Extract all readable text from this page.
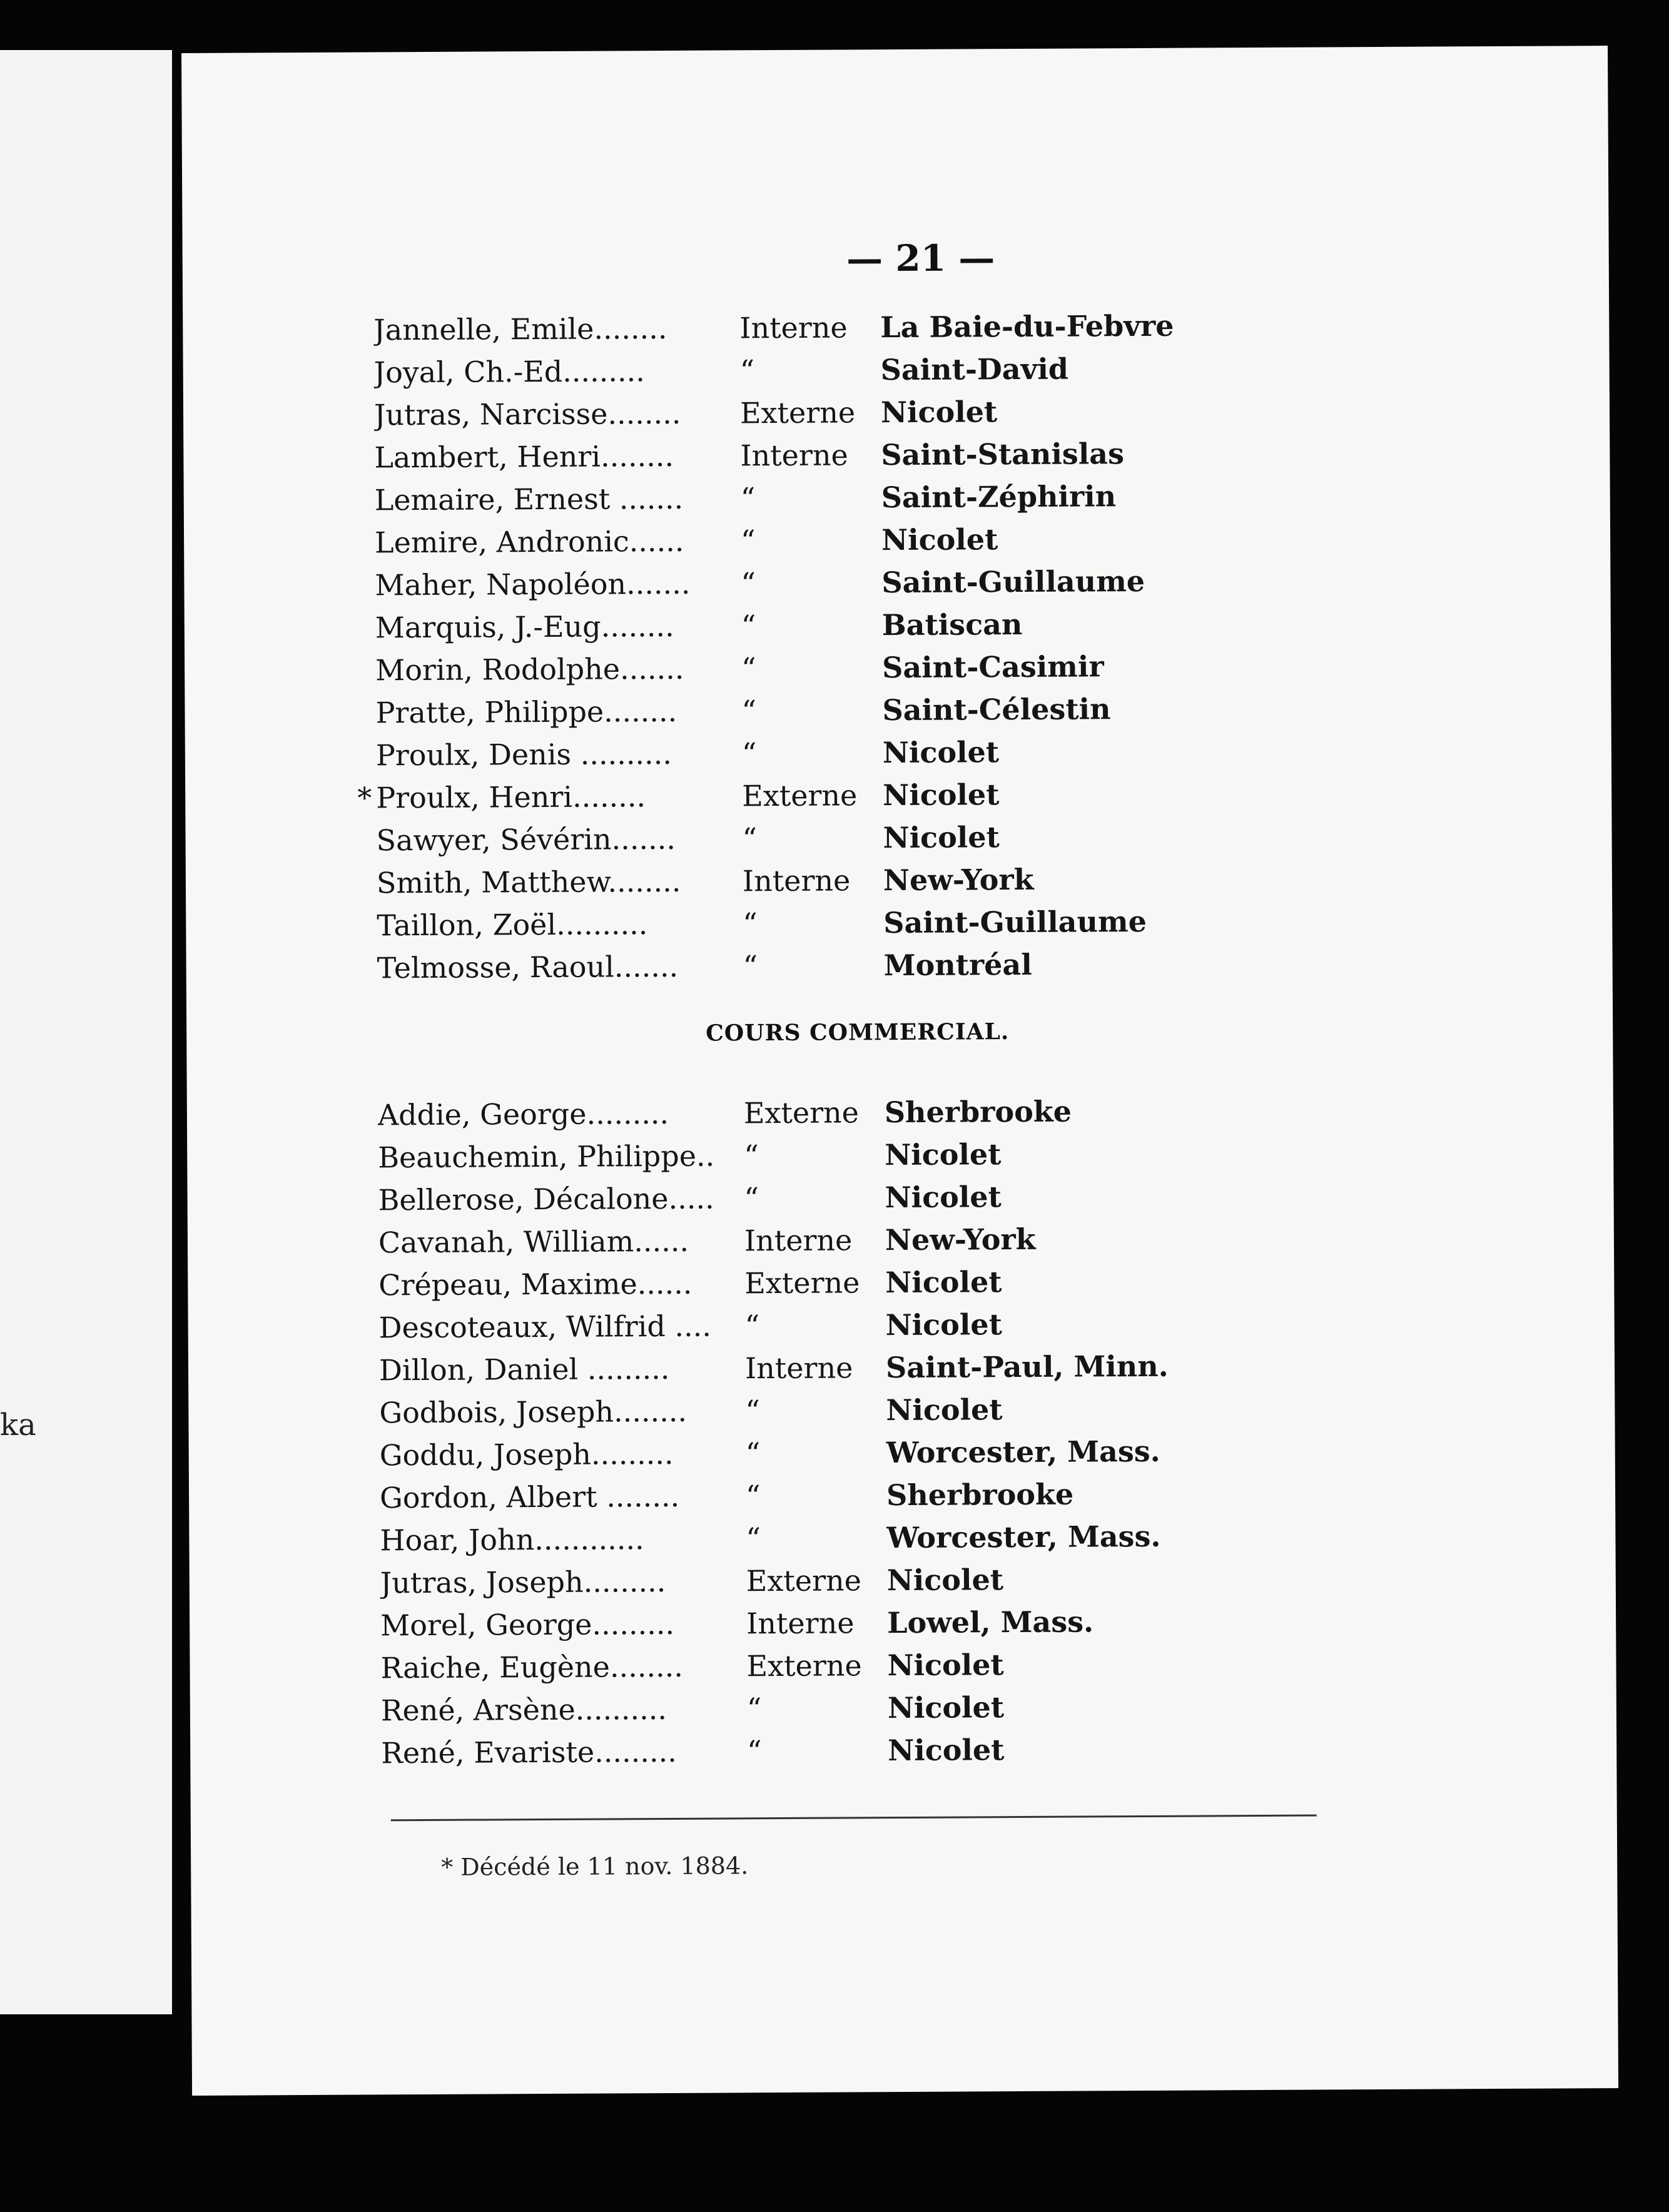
ka
— 21 —
Jannelle, Emile........	Interne	La Baie-du-Febvre
Joyal, Ch.-Ed.........	“	Saint-David
Jutras, Narcisse........	Externe Nicolet
Lambert, Henri........	Interne	Saint-Stanislas
Lemaire, Ernest .......	“	Saint-Zéphirin
Lemire, Andronic......	“	Nicolet
Maher, Napoléon.......	“	Saint-Guillaume
Marquis, J.-Eug........	“	Batiscan
Morin, Rodolphe.......	“	Saint-Casimir
Pratte, Philippe........	“	Saint-Célestin
Proulx, Denis ..........	“	Nicolet
* Proulx, Henri........	Externe Nicolet
Sawyer, Sévérin.......	“	Nicolet
Smith, Matthew........	Interne	New-York
Taillon, Zoël..........	“	Saint-Guillaume
Telmosse, Raoul.......	“	Montréal
COURS COMMERCIAL.
Addie, George.........	Externe Sherbrooke
Beauchemin, Philippe..	“	Nicolet
Bellerose, Décalone.....	“	Nicolet
Cavanah, William......	Interne	New-York
Crépeau, Maxime......	Externe Nicolet
Descoteaux, Wilfrid ....	“	Nicolet
Dillon, Daniel .........	Interne	Saint-Paul, Minn.
Godbois, Joseph........	“	Nicolet
Goddu, Joseph.........	“	Worcester, Mass.
Gordon, Albert ........	“	Sherbrooke
Hoar, John............	“	Worcester, Mass.
Jutras, Joseph.........	Externe Nicolet
Morel, George.........	Interne	Lowel, Mass.
Raiche, Eugène........	Externe Nicolet
René, Arsène..........	“	Nicolet
René, Evariste.........	“	Nicolet
* Décédé le 11 nov. 1884.
